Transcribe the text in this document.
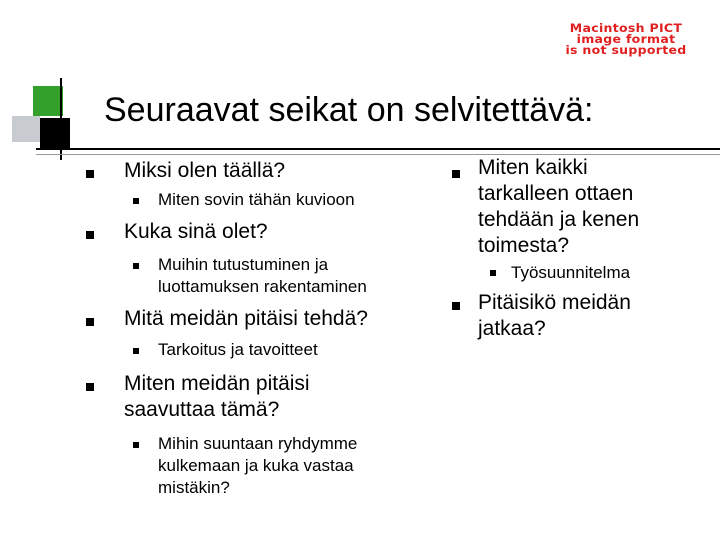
Macintosh PICT
image format
is not supported
Seuraavat seikat on selvitettävä:
Miksi olen täällä?
Miten sovin tähän kuvioon
Kuka sinä olet?
Muihin tutustuminen ja luottamuksen rakentaminen
Mitä meidän pitäisi tehdä?
Tarkoitus ja tavoitteet
Miten meidän pitäisi saavuttaa tämä?
Mihin suuntaan ryhdymme kulkemaan ja kuka vastaa mistäkin?
Miten kaikki tarkalleen ottaen tehdään ja kenen toimesta?
Työsuunnitelma
Pitäisikö meidän jatkaa?
